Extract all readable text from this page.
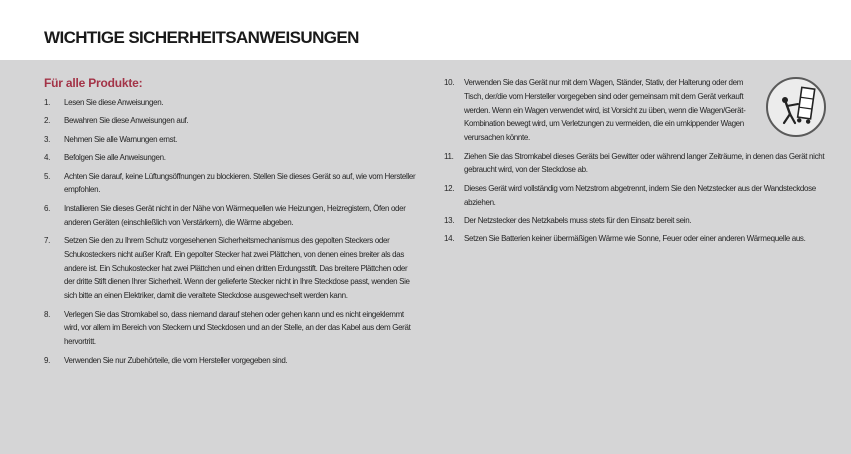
WICHTIGE SICHERHEITSANWEISUNGEN
Für alle Produkte:
1. Lesen Sie diese Anweisungen.
2. Bewahren Sie diese Anweisungen auf.
3. Nehmen Sie alle Warnungen ernst.
4. Befolgen Sie alle Anweisungen.
5. Achten Sie darauf, keine Lüftungsöffnungen zu blockieren. Stellen Sie dieses Gerät so auf, wie vom Hersteller empfohlen.
6. Installieren Sie dieses Gerät nicht in der Nähe von Wärmequellen wie Heizungen, Heizregistern, Öfen oder anderen Geräten (einschließlich von Verstärkern), die Wärme abgeben.
7. Setzen Sie den zu Ihrem Schutz vorgesehenen Sicherheitsmechanismus des gepolten Steckers oder Schukosteckers nicht außer Kraft. Ein gepolter Stecker hat zwei Plättchen, von denen eines breiter als das andere ist. Ein Schukostecker hat zwei Plättchen und einen dritten Erdungsstift. Das breitere Plättchen oder der dritte Stift dienen Ihrer Sicherheit. Wenn der gelieferte Stecker nicht in Ihre Steckdose passt, wenden Sie sich bitte an einen Elektriker, damit die veraltete Steckdose ausgewechselt werden kann.
8. Verlegen Sie das Stromkabel so, dass niemand darauf stehen oder gehen kann und es nicht eingeklemmt wird, vor allem im Bereich von Steckern und Steckdosen und an der Stelle, an der das Kabel aus dem Gerät hervortritt.
9. Verwenden Sie nur Zubehörteile, die vom Hersteller vorgegeben sind.
10. Verwenden Sie das Gerät nur mit dem Wagen, Ständer, Stativ, der Halterung oder dem Tisch, der/die vom Hersteller vorgegeben sind oder gemeinsam mit dem Gerät verkauft werden. Wenn ein Wagen verwendet wird, ist Vorsicht zu üben, wenn die Wagen/Gerät-Kombination bewegt wird, um Verletzungen zu vermeiden, die ein umkippender Wagen verursachen könnte.
11. Ziehen Sie das Stromkabel dieses Geräts bei Gewitter oder während langer Zeiträume, in denen das Gerät nicht gebraucht wird, von der Steckdose ab.
12. Dieses Gerät wird vollständig vom Netzstrom abgetrennt, indem Sie den Netzstecker aus der Wandsteckdose abziehen.
13. Der Netzstecker des Netzkabels muss stets für den Einsatz bereit sein.
14. Setzen Sie Batterien keiner übermäßigen Wärme wie Sonne, Feuer oder einer anderen Wärmequelle aus.
